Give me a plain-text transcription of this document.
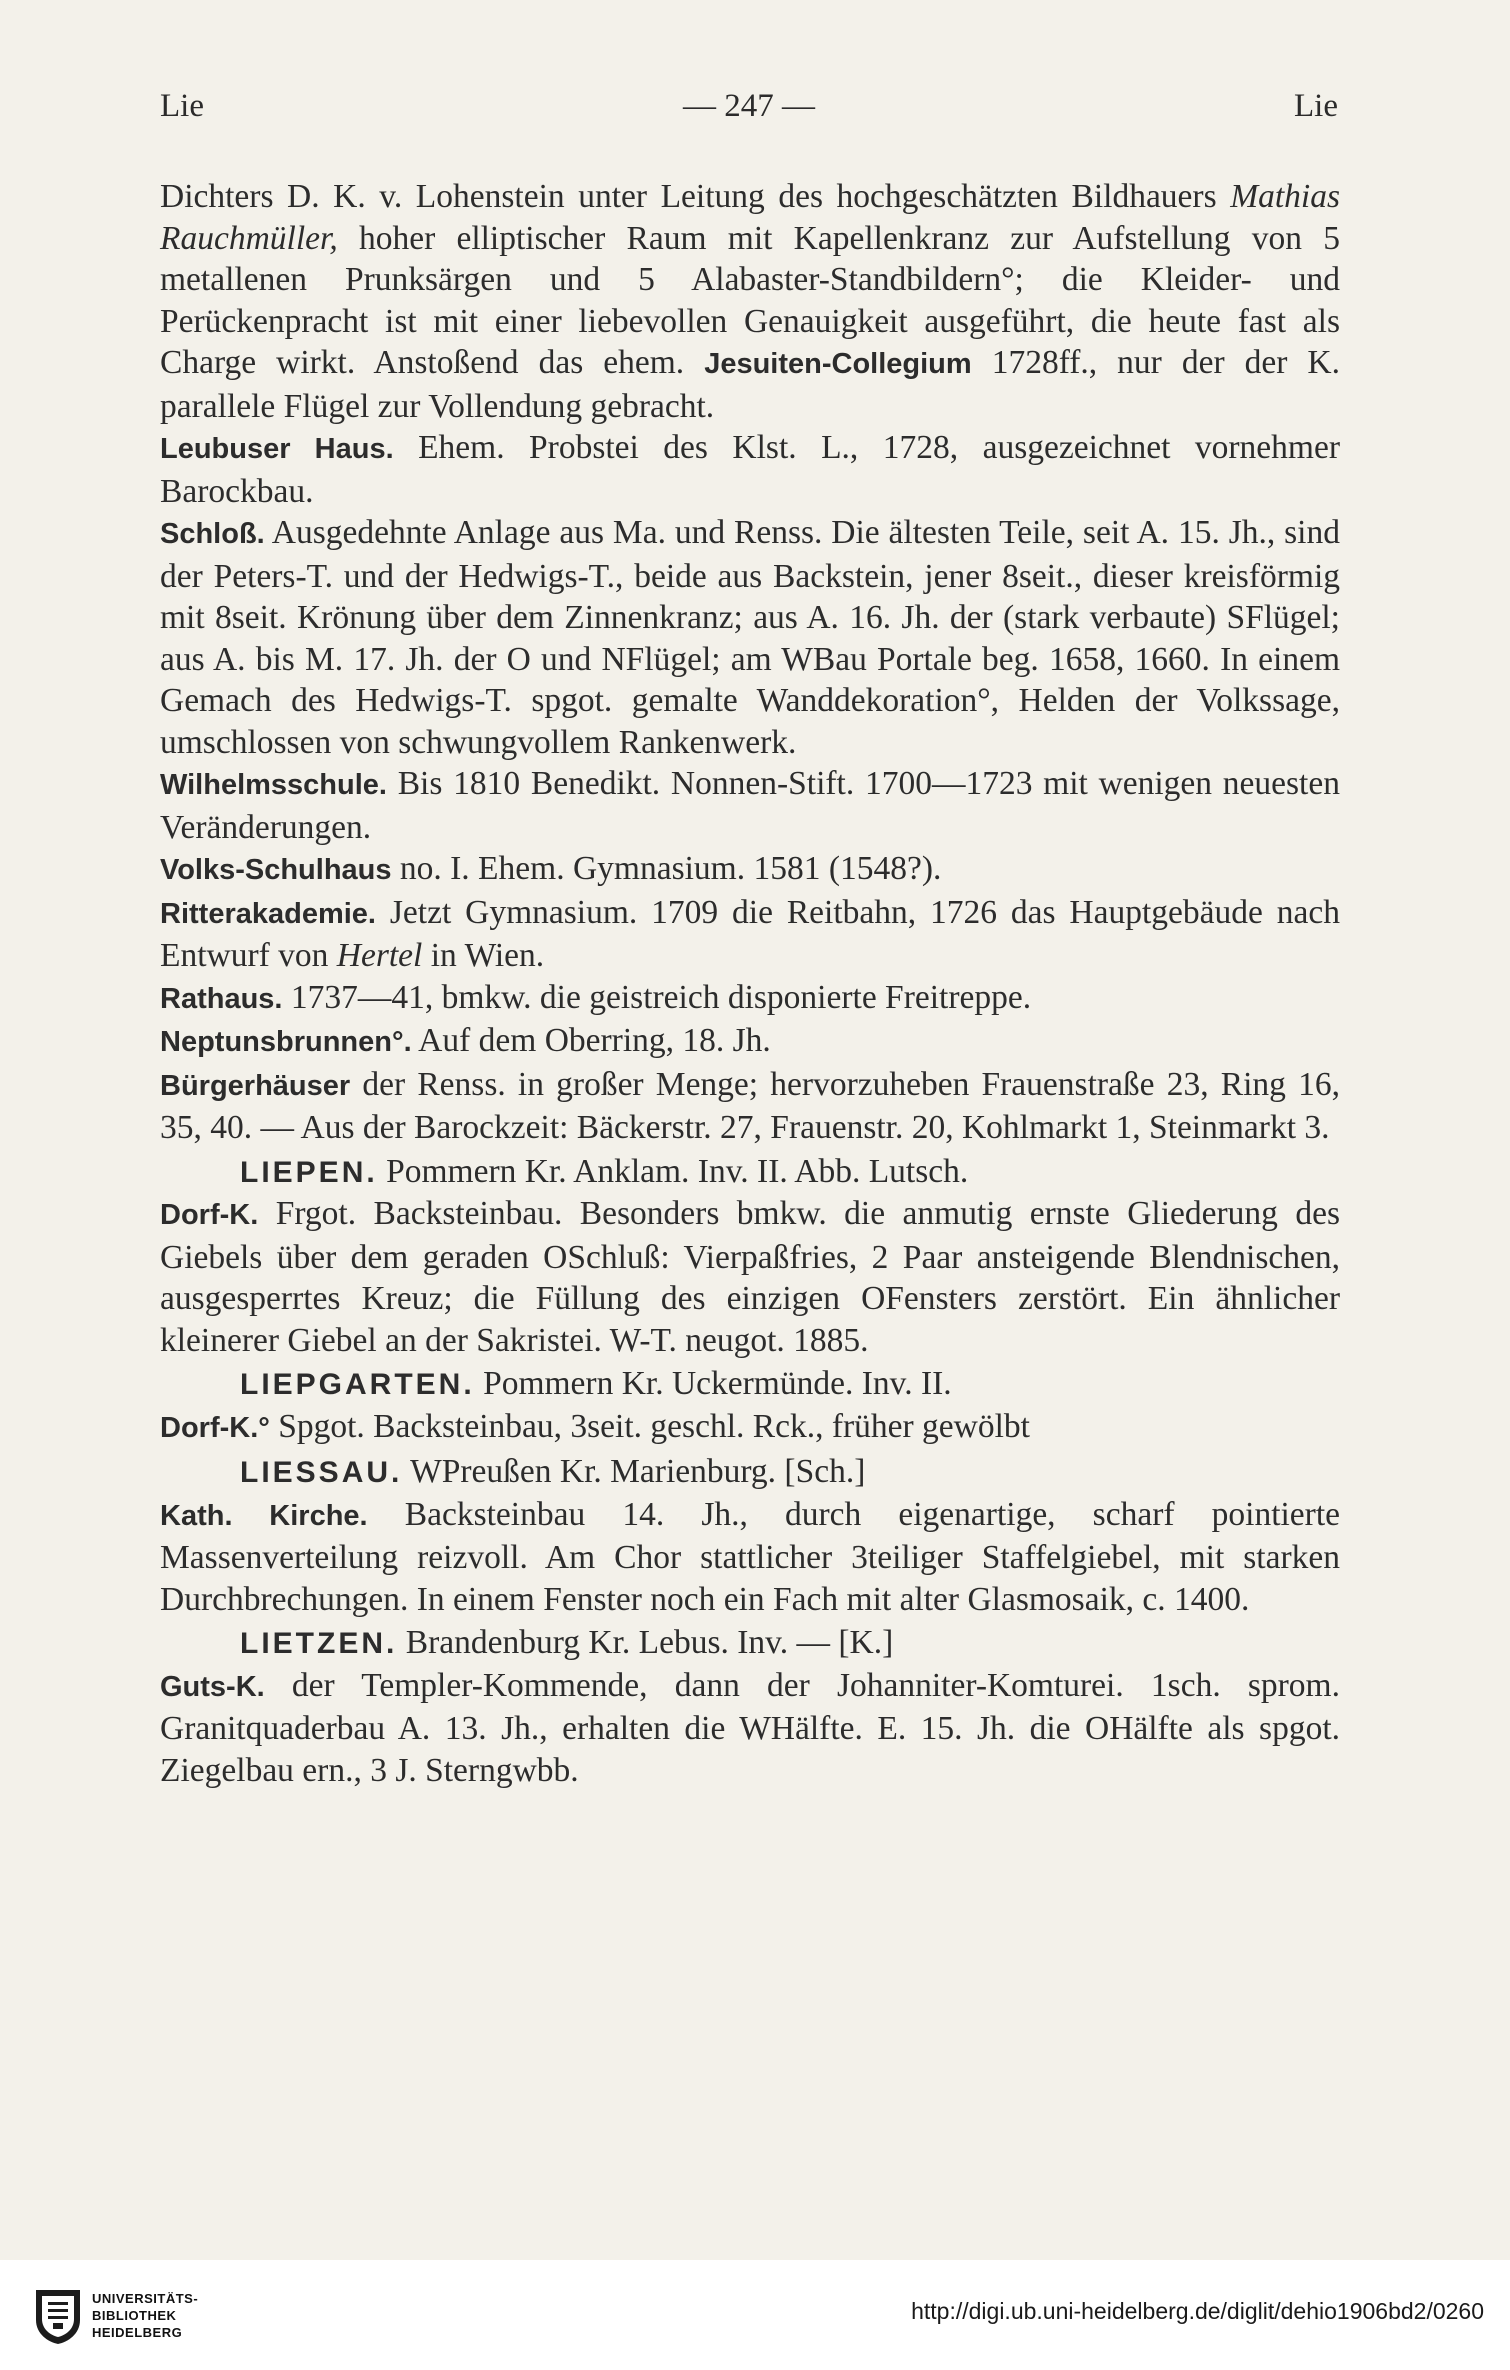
Lie	— 247 —	Lie

Dichters D. K. v. Lohenstein unter Leitung des hochgeschätzten Bildhauers Mathias Rauchmüller, hoher elliptischer Raum mit Kapellenkranz zur Aufstellung von 5 metallenen Prunksärgen und 5 Alabaster-Standbildern°; die Kleider- und Perückenpracht ist mit einer liebevollen Genauigkeit ausgeführt, die heute fast als Charge wirkt. Anstoßend das ehem. Jesuiten-Collegium 1728ff., nur der der K. parallele Flügel zur Vollendung gebracht.

Leubuser Haus. Ehem. Probstei des Klst. L., 1728, ausgezeichnet vornehmer Barockbau.

Schloß. Ausgedehnte Anlage aus Ma. und Renss. Die ältesten Teile, seit A. 15. Jh., sind der Peters-T. und der Hedwigs-T., beide aus Backstein, jener 8seit., dieser kreisförmig mit 8seit. Krönung über dem Zinnenkranz; aus A. 16. Jh. der (stark verbaute) SFlügel; aus A. bis M. 17. Jh. der O und NFlügel; am WBau Portale beg. 1658, 1660. In einem Gemach des Hedwigs-T. spgot. gemalte Wanddekoration°, Helden der Volkssage, umschlossen von schwungvollem Rankenwerk.

Wilhelmsschule. Bis 1810 Benedikt. Nonnen-Stift. 1700—1723 mit wenigen neuesten Veränderungen.

Volks-Schulhaus no. I. Ehem. Gymnasium. 1581 (1548?).

Ritterakademie. Jetzt Gymnasium. 1709 die Reitbahn, 1726 das Hauptgebäude nach Entwurf von Hertel in Wien.

Rathaus. 1737—41, bmkw. die geistreich disponierte Freitreppe.

Neptunsbrunnen°. Auf dem Oberring, 18. Jh.

Bürgerhäuser der Renss. in großer Menge; hervorzuheben Frauenstraße 23, Ring 16, 35, 40. — Aus der Barockzeit: Bäckerstr. 27, Frauenstr. 20, Kohlmarkt 1, Steinmarkt 3.

LIEPEN. Pommern Kr. Anklam. Inv. II. Abb. Lutsch.

Dorf-K. Frgot. Backsteinbau. Besonders bmkw. die anmutig ernste Gliederung des Giebels über dem geraden OSchluß: Vierpaßfries, 2 Paar ansteigende Blendnischen, ausgesperrtes Kreuz; die Füllung des einzigen OFensters zerstört. Ein ähnlicher kleinerer Giebel an der Sakristei. W-T. neugot. 1885.

LIEPGARTEN. Pommern Kr. Uckermünde. Inv. II.

Dorf-K.° Spgot. Backsteinbau, 3seit. geschl. Rck., früher gewölbt

LIESSAU. WPreußen Kr. Marienburg. [Sch.]

Kath. Kirche. Backsteinbau 14. Jh., durch eigenartige, scharf pointierte Massenverteilung reizvoll. Am Chor stattlicher 3teiliger Staffelgiebel, mit starken Durchbrechungen. In einem Fenster noch ein Fach mit alter Glasmosaik, c. 1400.

LIETZEN. Brandenburg Kr. Lebus. Inv. — [K.]

Guts-K. der Templer-Kommende, dann der Johanniter-Komturei. 1sch. sprom. Granitquaderbau A. 13. Jh., erhalten die WHälfte. E. 15. Jh. die OHälfte als spgot. Ziegelbau ern., 3 J. Sterngwbb.

UNIVERSITÄTS-
BIBLIOTHEK
HEIDELBERG
http://digi.ub.uni-heidelberg.de/diglit/dehio1906bd2/0260
